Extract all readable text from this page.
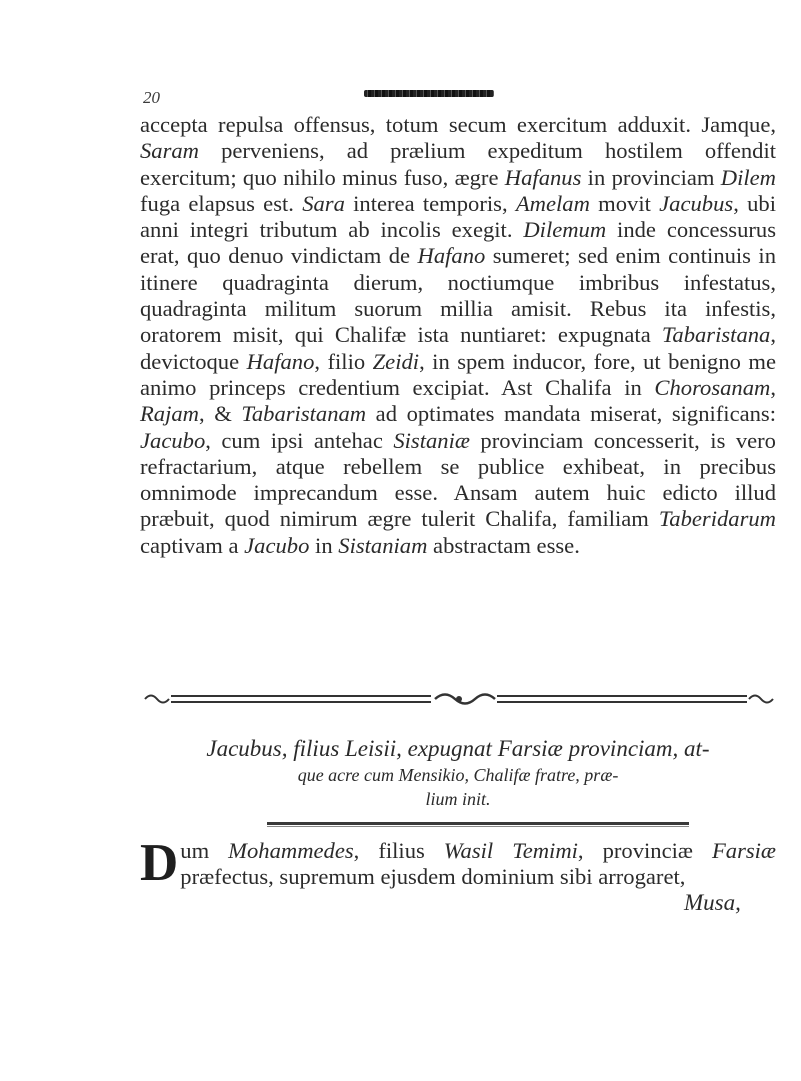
20

accepta repulsa offensus, totum secum exercitum adduxit. Jamque, Saram perveniens, ad prælium expeditum hostilem offendit exercitum; quo nihilo minus fuso, ægre Hafanus in provinciam Dilem fuga elapsus est. Sara interea temporis, Amelam movit Jacubus, ubi anni integri tributum ab incolis exegit. Dilemum inde concessurus erat, quo denuo vindictam de Hafano sumeret; sed enim continuis in itinere quadraginta dierum, noctiumque imbribus infestatus, quadraginta militum suorum millia amisit. Rebus ita infestis, oratorem misit, qui Chalifæ ista nuntiaret: expugnata Tabaristana, devictoque Hafano, filio Zeidi, in spem inducor, fore, ut benigno me animo princeps credentium excipiat. Ast Chalifa in Chorosanam, Rajam, & Tabaristanam ad optimates mandata miserat, significans: Jacubo, cum ipsi antehac Sistaniæ provinciam concesserit, is vero refractarium, atque rebellem se publice exhibeat, in precibus omnimode imprecandum esse. Ansam autem huic edicto illud præbuit, quod nimirum ægre tulerit Chalifa, familiam Taberidarum captivam a Jacubo in Sistaniam abstractam esse.

Jacubus, filius Leisii, expugnat Farsiæ provinciam, at-
que acre cum Mensikio, Chalifæ fratre, præ-
lium init.
Dum Mohammedes, filius Wasil Temimi, provinciæ Farsiæ præfectus, supremum ejusdem dominium sibi arrogaret,
Musa,
